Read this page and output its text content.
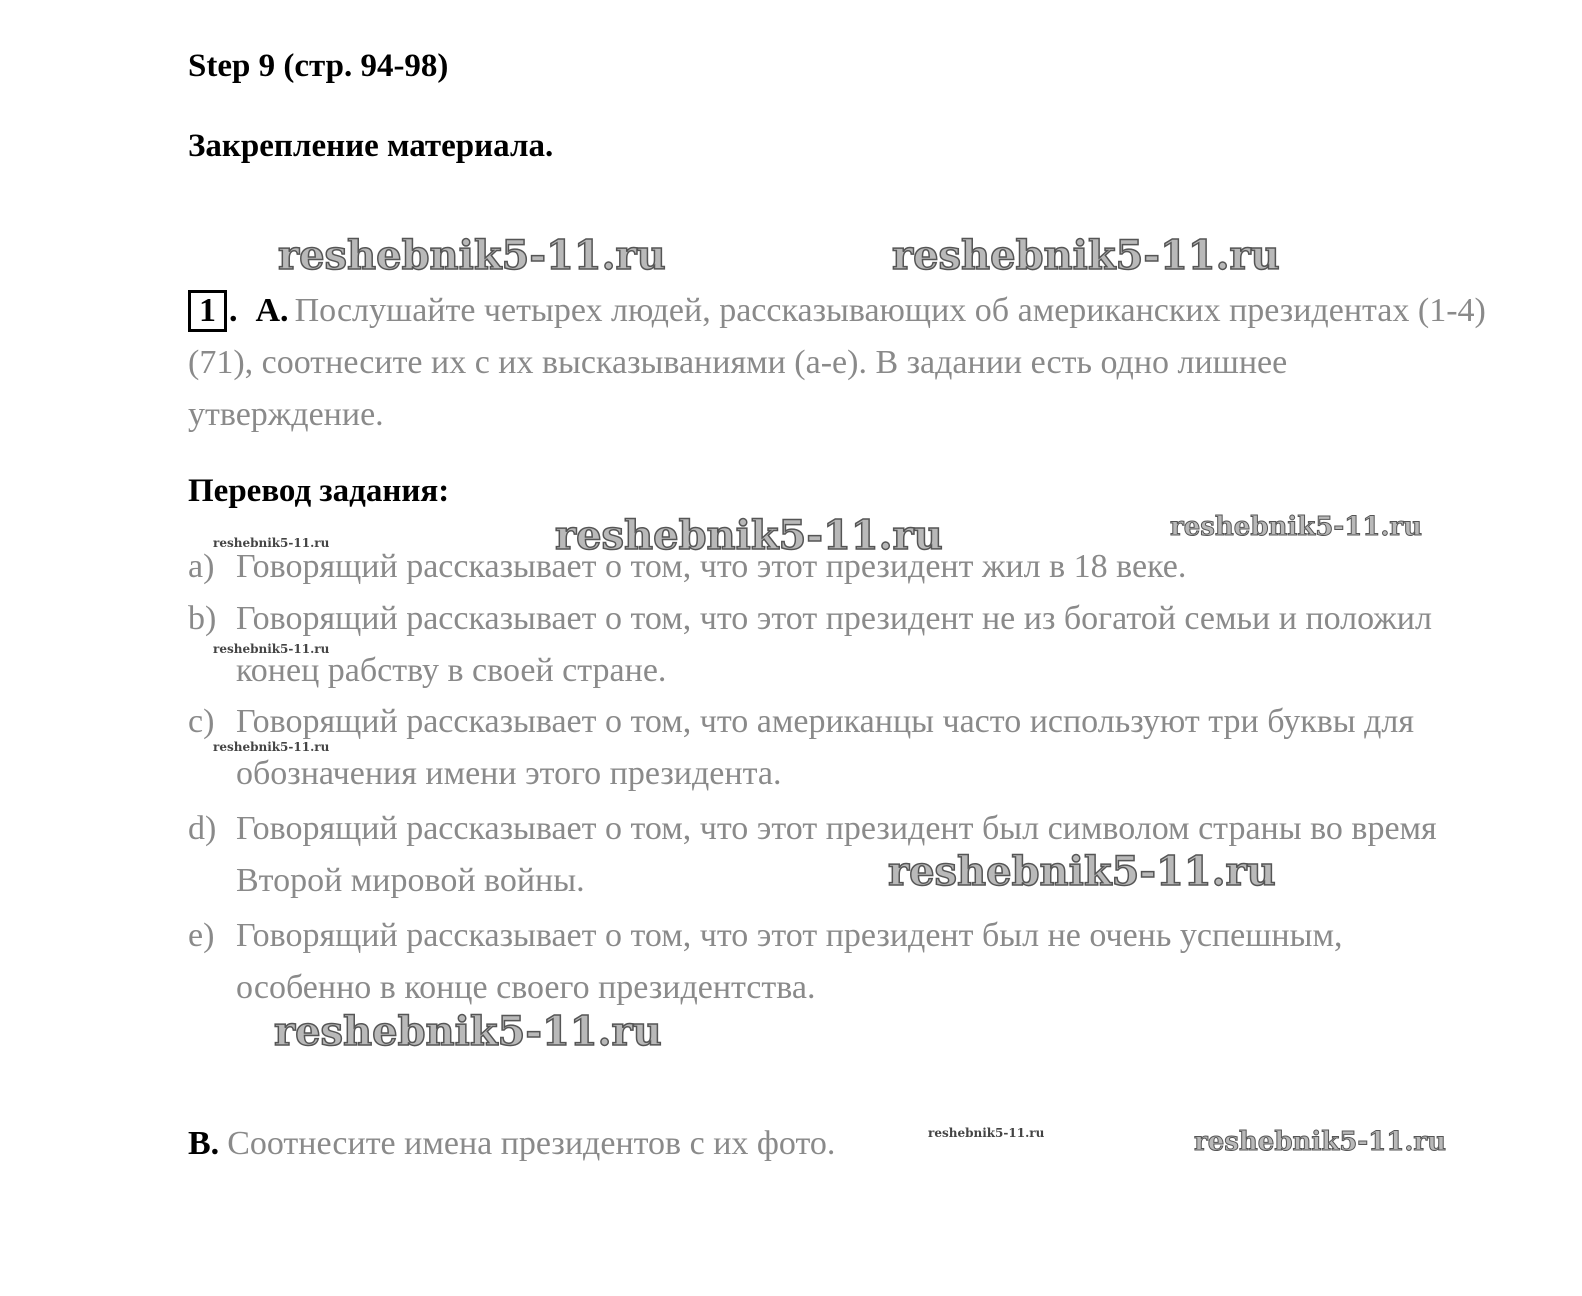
Step 9 (стр. 94-98)
Закрепление материала.
1 . A. Послушайте четырех людей, рассказывающих об американских президентах (1-4) (71), соотнесите их с их высказываниями (a-e). В задании есть одно лишнее утверждение.
Перевод задания:
a) Говорящий рассказывает о том, что этот президент жил в 18 веке.
b) Говорящий рассказывает о том, что этот президент не из богатой семьи и положил конец рабству в своей стране.
c) Говорящий рассказывает о том, что американцы часто используют три буквы для обозначения имени этого президента.
d) Говорящий рассказывает о том, что этот президент был символом страны во время Второй мировой войны.
e) Говорящий рассказывает о том, что этот президент был не очень успешным, особенно в конце своего президентства.
B. Соотнесите имена президентов с их фото.
reshebnik5-11.ru	reshebnik5-11.ru
reshebnik5-11.ru	reshebnik5-11.ru
reshebnik5-11.ru
reshebnik5-11.ru
reshebnik5-11.ru
reshebnik5-11.ru
reshebnik5-11.ru
reshebnik5-11.ru
reshebnik5-11.ru
